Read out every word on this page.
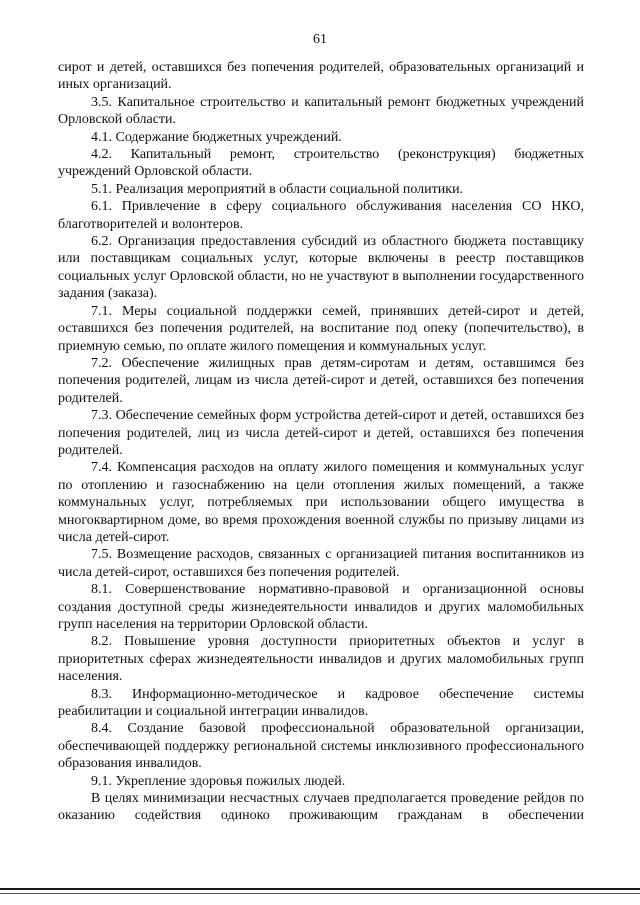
61

сирот и детей, оставшихся без попечения родителей, образовательных организаций и иных организаций.

3.5. Капитальное строительство и капитальный ремонт бюджетных учреждений Орловской области.

4.1. Содержание бюджетных учреждений.

4.2. Капитальный ремонт, строительство (реконструкция) бюджетных учреждений Орловской области.

5.1. Реализация мероприятий в области социальной политики.

6.1. Привлечение в сферу социального обслуживания населения СО НКО, благотворителей и волонтеров.

6.2. Организация предоставления субсидий из областного бюджета поставщику или поставщикам социальных услуг, которые включены в реестр поставщиков социальных услуг Орловской области, но не участвуют в выполнении государственного задания (заказа).

7.1. Меры социальной поддержки семей, принявших детей-сирот и детей, оставшихся без попечения родителей, на воспитание под опеку (попечительство), в приемную семью, по оплате жилого помещения и коммунальных услуг.

7.2. Обеспечение жилищных прав детям-сиротам и детям, оставшимся без попечения родителей, лицам из числа детей-сирот и детей, оставшихся без попечения родителей.

7.3. Обеспечение семейных форм устройства детей-сирот и детей, оставшихся без попечения родителей, лиц из числа детей-сирот и детей, оставшихся без попечения родителей.

7.4. Компенсация расходов на оплату жилого помещения и коммунальных услуг по отоплению и газоснабжению на цели отопления жилых помещений, а также коммунальных услуг, потребляемых при использовании общего имущества в многоквартирном доме, во время прохождения военной службы по призыву лицами из числа детей-сирот.

7.5. Возмещение расходов, связанных с организацией питания воспитанников из числа детей-сирот, оставшихся без попечения родителей.

8.1. Совершенствование нормативно-правовой и организационной основы создания доступной среды жизнедеятельности инвалидов и других маломобильных групп населения на территории Орловской области.

8.2. Повышение уровня доступности приоритетных объектов и услуг в приоритетных сферах жизнедеятельности инвалидов и других маломобильных групп населения.

8.3. Информационно-методическое и кадровое обеспечение системы реабилитации и социальной интеграции инвалидов.

8.4. Создание базовой профессиональной образовательной организации, обеспечивающей поддержку региональной системы инклюзивного профессионального образования инвалидов.

9.1. Укрепление здоровья пожилых людей.

В целях минимизации несчастных случаев предполагается проведение рейдов по оказанию содействия одиноко проживающим гражданам в обеспечении
